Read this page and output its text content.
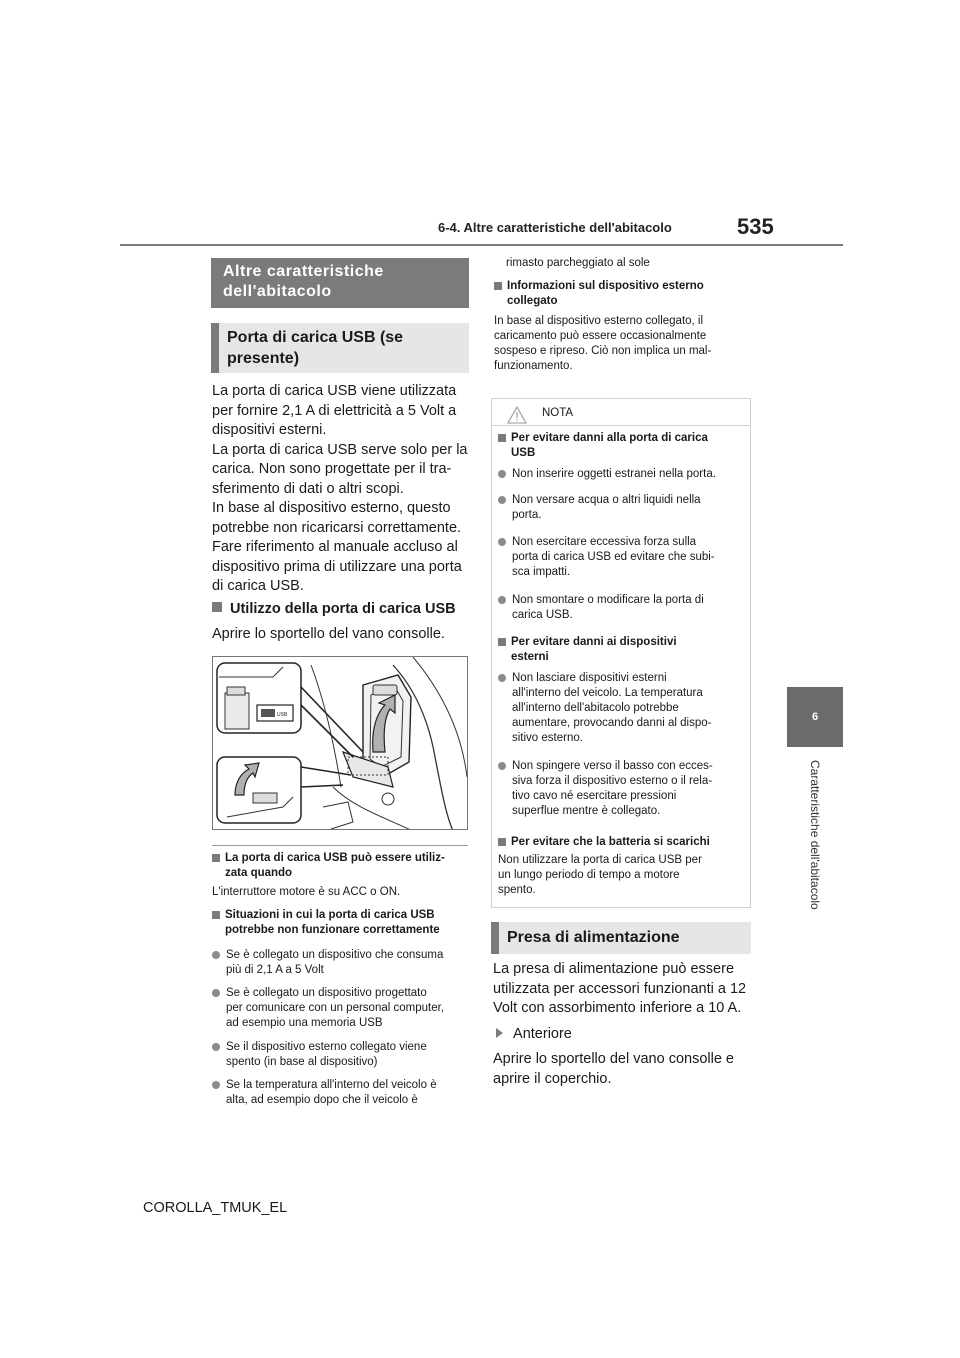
6-4. Altre caratteristiche dell'abitacolo	535
6
Caratteristiche dell'abitacolo
Altre caratteristiche dell'abitacolo
Porta di carica USB (se presente)
La porta di carica USB viene utilizzata
per fornire 2,1 A di elettricità a 5 Volt a
dispositivi esterni.
La porta di carica USB serve solo per la
carica. Non sono progettate per il tra-
sferimento di dati o altri scopi.
In base al dispositivo esterno, questo
potrebbe non ricaricarsi correttamente.
Fare riferimento al manuale accluso al
dispositivo prima di utilizzare una porta
di carica USB.
Utilizzo della porta di carica USB
Aprire lo sportello del vano consolle.
USB
La porta di carica USB può essere utiliz-
zata quando
L'interruttore motore è su ACC o ON.
Situazioni in cui la porta di carica USB
potrebbe non funzionare correttamente
Se è collegato un dispositivo che consuma
più di 2,1 A a 5 Volt
Se è collegato un dispositivo progettato
per comunicare con un personal computer,
ad esempio una memoria USB
Se il dispositivo esterno collegato viene
spento (in base al dispositivo)
Se la temperatura all'interno del veicolo è
alta, ad esempio dopo che il veicolo è
rimasto parcheggiato al sole
Informazioni sul dispositivo esterno
collegato
In base al dispositivo esterno collegato, il
caricamento può essere occasionalmente
sospeso e ripreso. Ciò non implica un mal-
funzionamento.
NOTA
Per evitare danni alla porta di carica
USB
Non inserire oggetti estranei nella porta.
Non versare acqua o altri liquidi nella
porta.
Non esercitare eccessiva forza sulla
porta di carica USB ed evitare che subi-
sca impatti.
Non smontare o modificare la porta di
carica USB.
Per evitare danni ai dispositivi
esterni
Non lasciare dispositivi esterni
all'interno del veicolo. La temperatura
all'interno dell'abitacolo potrebbe
aumentare, provocando danni al dispo-
sitivo esterno.
Non spingere verso il basso con ecces-
siva forza il dispositivo esterno o il rela-
tivo cavo né esercitare pressioni
superflue mentre è collegato.
Per evitare che la batteria si scarichi
Non utilizzare la porta di carica USB per
un lungo periodo di tempo a motore
spento.
Presa di alimentazione
La presa di alimentazione può essere
utilizzata per accessori funzionanti a 12
Volt con assorbimento inferiore a 10 A.
Anteriore
Aprire lo sportello del vano consolle e
aprire il coperchio.
COROLLA_TMUK_EL
